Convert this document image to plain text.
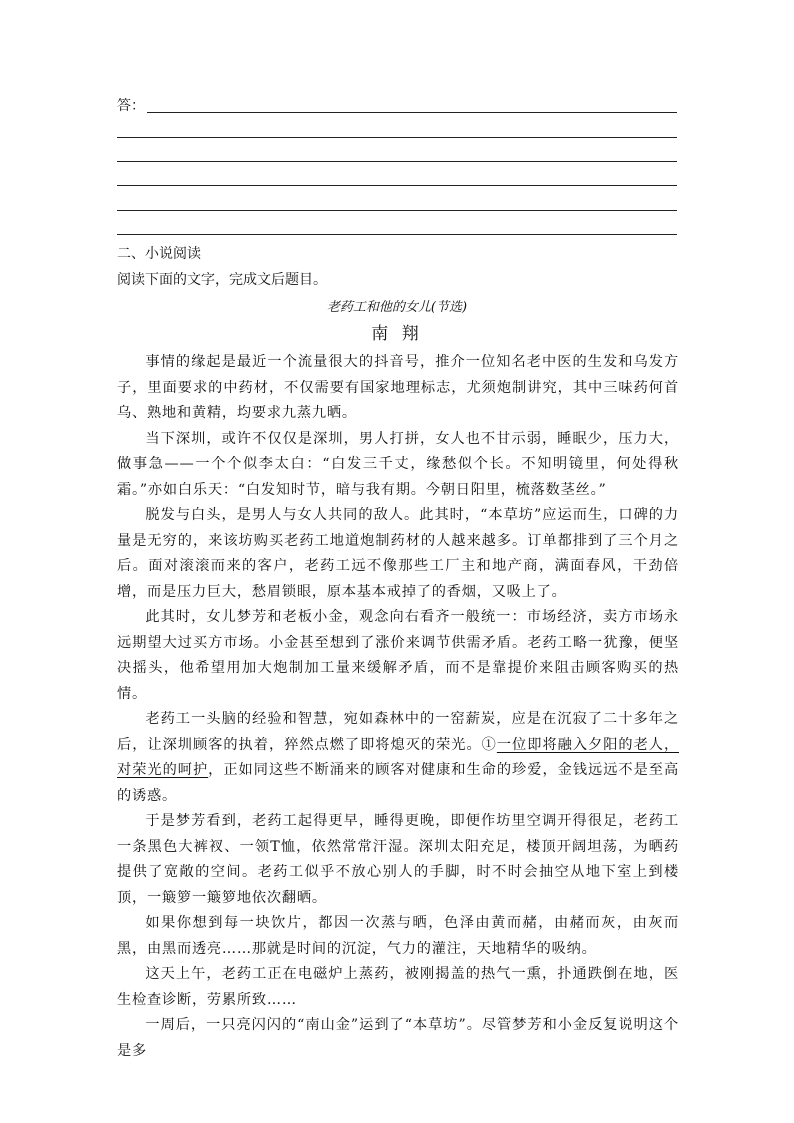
答：
二、小说阅读
阅读下面的文字，完成文后题目。
老药工和他的女儿(节选)
南 翔

事情的缘起是最近一个流量很大的抖音号，推介一位知名老中医的生发和乌发方子，里面要求的中药材，不仅需要有国家地理标志，尤须炮制讲究，其中三味药何首乌、熟地和黄精，均要求九蒸九晒。

当下深圳，或许不仅仅是深圳，男人打拼，女人也不甘示弱，睡眠少，压力大，做事急——一个个似李太白：“白发三千丈，缘愁似个长。不知明镜里，何处得秋霜。”亦如白乐天：“白发知时节，暗与我有期。今朝日阳里，梳落数茎丝。”

脱发与白头，是男人与女人共同的敌人。此其时，“本草坊”应运而生，口碑的力量是无穷的，来该坊购买老药工地道炮制药材的人越来越多。订单都排到了三个月之后。面对滚滚而来的客户，老药工远不像那些工厂主和地产商，满面春风，干劲倍增，而是压力巨大，愁眉锁眼，原本基本戒掉了的香烟，又吸上了。

此其时，女儿梦芳和老板小金，观念向右看齐一般统一：市场经济，卖方市场永远期望大过买方市场。小金甚至想到了涨价来调节供需矛盾。老药工略一犹豫，便坚决摇头，他希望用加大炮制加工量来缓解矛盾，而不是靠提价来阻击顾客购买的热情。

老药工一头脑的经验和智慧，宛如森林中的一窑薪炭，应是在沉寂了二十多年之后，让深圳顾客的执着，猝然点燃了即将熄灭的荣光。①一位即将融入夕阳的老人，对荣光的呵护，正如同这些不断涌来的顾客对健康和生命的珍爱，金钱远远不是至高的诱惑。

于是梦芳看到，老药工起得更早，睡得更晚，即便作坊里空调开得很足，老药工一条黑色大裤衩、一领T恤，依然常常汗湿。深圳太阳充足，楼顶开阔坦荡，为晒药提供了宽敞的空间。老药工似乎不放心别人的手脚，时不时会抽空从地下室上到楼顶，一簸箩一簸箩地依次翻晒。

如果你想到每一块饮片，都因一次蒸与晒，色泽由黄而赭，由赭而灰，由灰而黑，由黑而透亮……那就是时间的沉淀，气力的灌注，天地精华的吸纳。

这天上午，老药工正在电磁炉上蒸药，被刚揭盖的热气一熏，扑通跌倒在地，医生检查诊断，劳累所致……

一周后，一只亮闪闪的“南山金”运到了“本草坊”。尽管梦芳和小金反复说明这个是多
